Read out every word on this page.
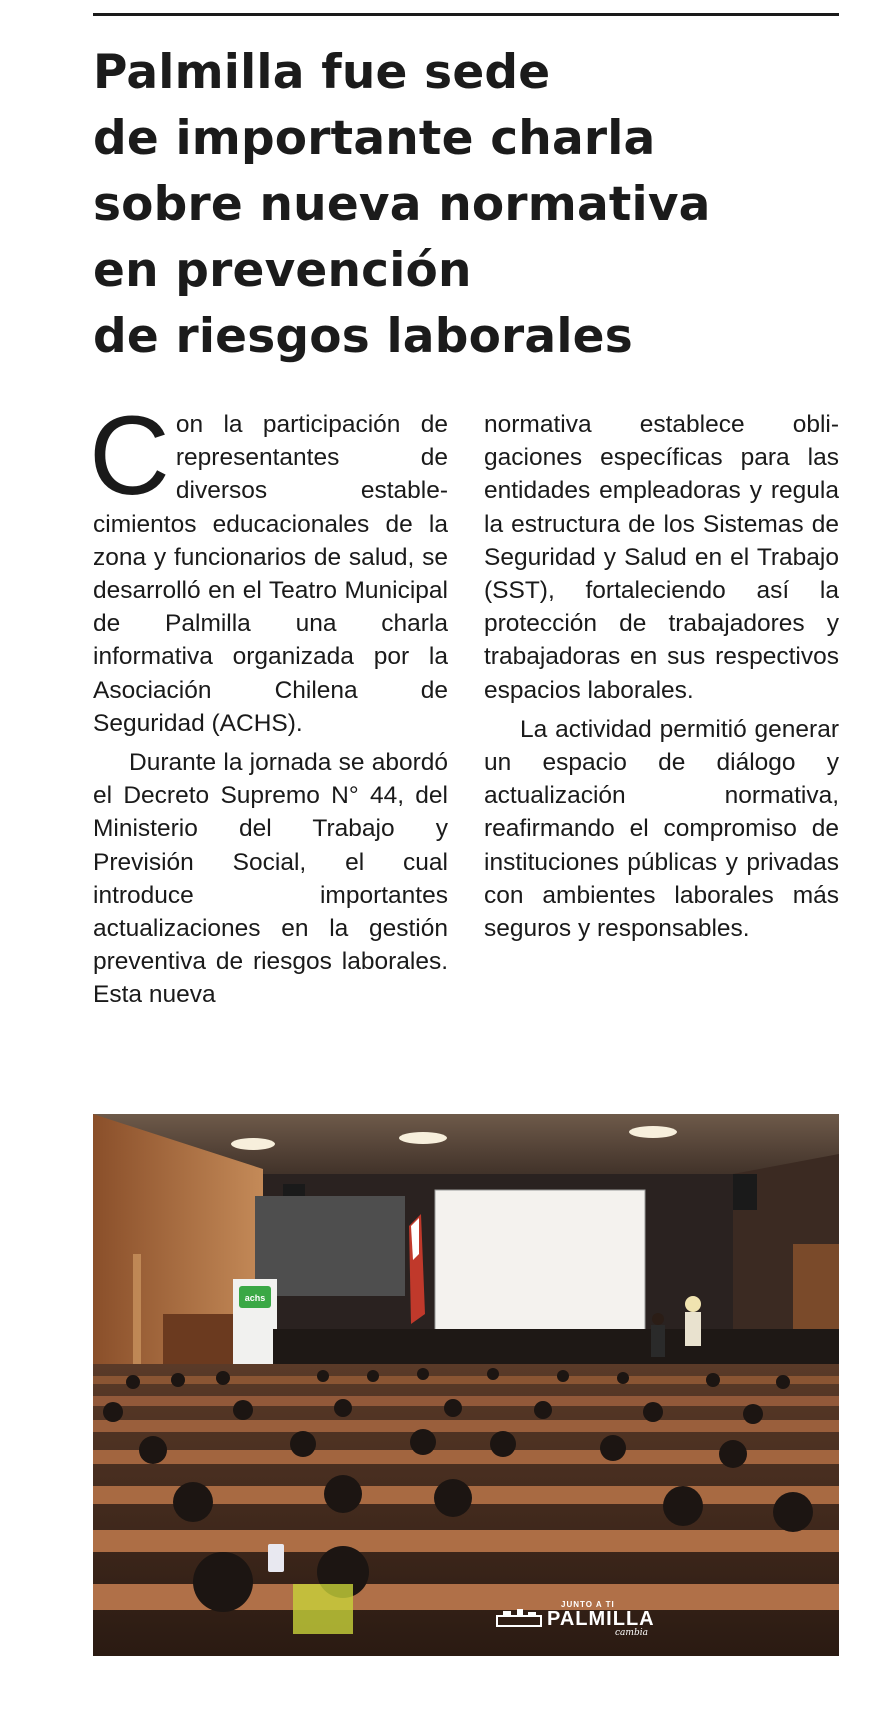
Palmilla fue sede
de importante charla
sobre nueva normativa
en prevención
de riesgos laborales

Con la participación de representantes de diversos establecimientos educacionales de la zona y funcionarios de salud, se desarrolló en el Teatro Municipal de Palmilla una charla informativa organizada por la Asociación Chilena de Seguridad (ACHS).

Durante la jornada se abordó el Decreto Supremo N° 44, del Ministerio del Trabajo y Previsión Social, el cual introduce importantes actualizaciones en la gestión preventiva de riesgos laborales. Esta nueva

normativa establece obligaciones específicas para las entidades empleadoras y regula la estructura de los Sistemas de Seguridad y Salud en el Trabajo (SST), fortaleciendo así la protección de trabajadores y trabajadoras en sus respectivos espacios laborales.

La actividad permitió generar un espacio de diálogo y actualización normativa, reafirmando el compromiso de instituciones públicas y privadas con ambientes laborales más seguros y responsables.

achs
JUNTO A TI
PALMILLA
cambia
